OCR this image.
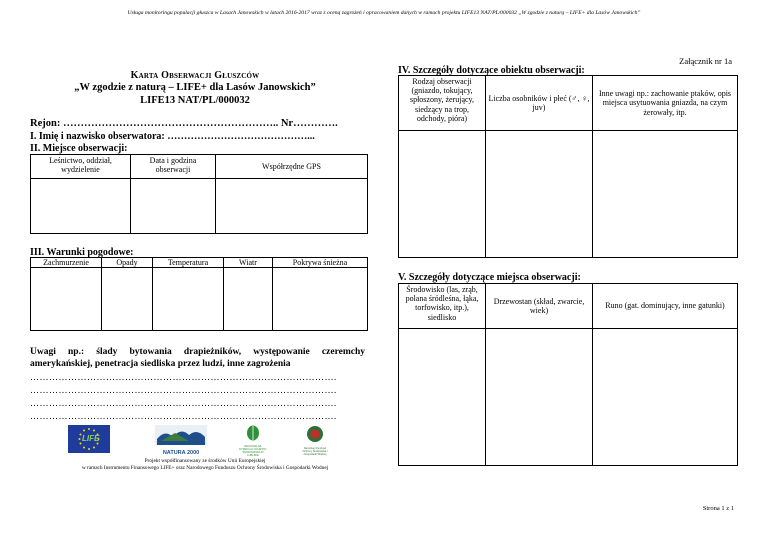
Usługa monitoringu populacji głuszca w Lasach Janowskich w latach 2016-2017 wraz z oceną zagrożeń i opracowaniem danych w ramach projektu LIFE13 NAT/PL/000032 „W zgodzie z naturą – LIFE+ dla Lasów Janowskich”
Załącznik nr 1a
Karta Obserwacji Głuszców
„W zgodzie z naturą – LIFE+ dla Lasów Janowskich”
LIFE13 NAT/PL/000032
Rejon: …………………………………………………….. Nr………….
I. Imię i nazwisko obserwatora: ……………………………………...
II. Miejsce obserwacji:
Leśnictwo, oddział, wydzielenie	Data i godzina obserwacji	Współrzędne GPS

III. Warunki pogodowe:
Zachmurzenie	Opady	Temperatura	Wiatr	Pokrywa śnieżna

Uwagi np.: ślady bytowania drapieżników, występowanie czeremchy amerykańskiej, penetracja siedliska przez ludzi, inne zagrożenia
…………………………………………………………………………………….
…………………………………………………………………………………….
…………………………………………………………………………………….
…………………………………………………………………………………….
LIFE
NATURA 2000
REGIONALNA DYREKCJA OCHRONY ŚRODOWISKA W LUBLINIE
Narodowy Fundusz Ochrony Środowiska i Gospodarki Wodnej
Projekt współfinansowany ze środków Unii Europejskiej
w ramach Instrumentu Finansowego LIFE+ oraz Narodowego Funduszu Ochrony Środowiska i Gospodarki Wodnej
IV. Szczegóły dotyczące obiektu obserwacji:
Rodzaj obserwacji (gniazdo, tokujący, spłoszony, żerujący, siedzący na trop, odchody, pióra)	Liczba osobników i płeć (♂, ♀, juv)	Inne uwagi np.: zachowanie ptaków, opis miejsca usytuowania gniazda, na czym żerowały, itp.

V. Szczegóły dotyczące miejsca obserwacji:
Środowisko (las, zrąb, polana śródleśna, łąka, torfowisko, itp.), siedlisko	Drzewostan (skład, zwarcie, wiek)	Runo (gat. dominujący, inne gatunki)

Strona 1 z 1
